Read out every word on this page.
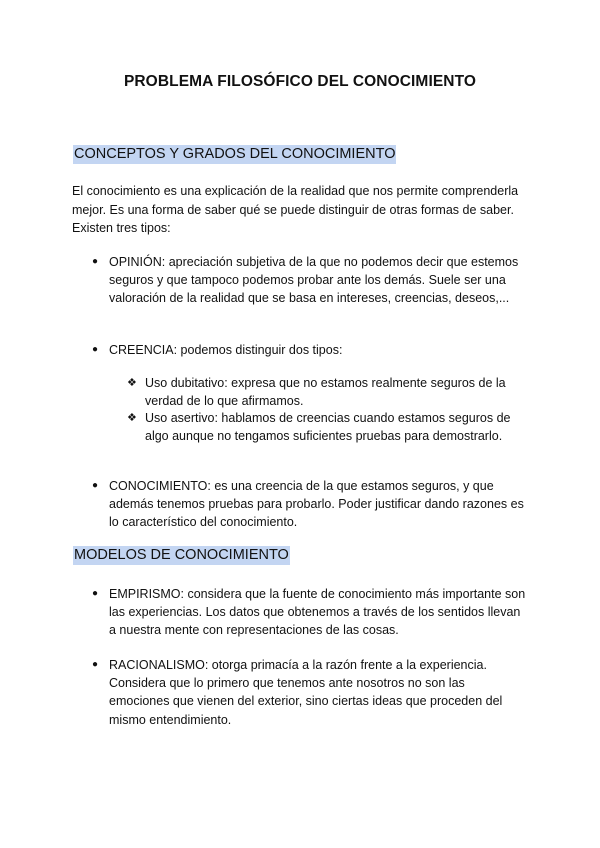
PROBLEMA FILOSÓFICO DEL CONOCIMIENTO
CONCEPTOS Y GRADOS DEL CONOCIMIENTO
El conocimiento es una explicación de la realidad que nos permite comprenderla mejor. Es una forma de saber qué se puede distinguir de otras formas de saber. Existen tres tipos:
● OPINIÓN: apreciación subjetiva de la que no podemos decir que estemos seguros y que tampoco podemos probar ante los demás. Suele ser una valoración de la realidad que se basa en intereses, creencias, deseos,...
● CREENCIA: podemos distinguir dos tipos:
❖ Uso dubitativo: expresa que no estamos realmente seguros de la verdad de lo que afirmamos.
❖ Uso asertivo: hablamos de creencias cuando estamos seguros de algo aunque no tengamos suficientes pruebas para demostrarlo.
● CONOCIMIENTO: es una creencia de la que estamos seguros, y que además tenemos pruebas para probarlo. Poder justificar dando razones es lo característico del conocimiento.
MODELOS DE CONOCIMIENTO
● EMPIRISMO: considera que la fuente de conocimiento más importante son las experiencias. Los datos que obtenemos a través de los sentidos llevan a nuestra mente con representaciones de las cosas.
● RACIONALISMO: otorga primacía a la razón frente a la experiencia. Considera que lo primero que tenemos ante nosotros no son las emociones que vienen del exterior, sino ciertas ideas que proceden del mismo entendimiento.
